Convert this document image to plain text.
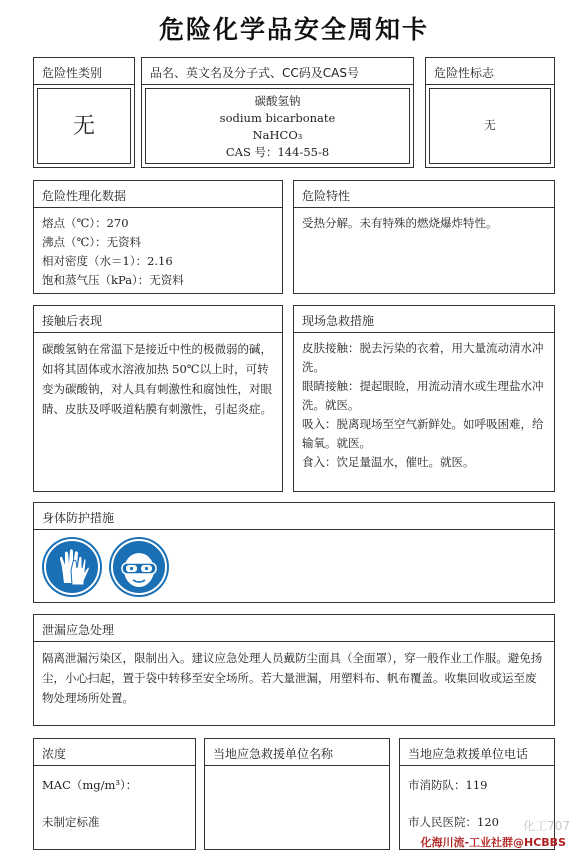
危险化学品安全周知卡
危险性类别
无
品名、英文名及分子式、CC码及CAS号
碳酸氢钠
sodium bicarbonate
NaHCO₃
CAS 号：144-55-8
危险性标志
无
危险性理化数据
熔点（℃）：270
沸点（℃）：无资料
相对密度（水＝1）：2.16
饱和蒸气压（kPa）：无资料
危险特性
受热分解。未有特殊的燃烧爆炸特性。
接触后表现
碳酸氢钠在常温下是接近中性的极微弱的碱， 如将其固体或水溶液加热 50℃以上时，可转变为碳酸钠，对人具有刺激性和腐蚀性，对眼睛、皮肤及呼吸道粘膜有刺激性，引起炎症。
现场急救措施
皮肤接触：脱去污染的衣着，用大量流动清水冲洗。
眼睛接触：提起眼睑，用流动清水或生理盐水冲洗。就医。
吸入：脱离现场至空气新鲜处。如呼吸困难，给输氧。就医。
食入：饮足量温水，催吐。就医。
身体防护措施
泄漏应急处理
隔离泄漏污染区，限制出入。建议应急处理人员戴防尘面具（全面罩），穿一般作业工作服。避免扬尘，小心扫起，置于袋中转移至安全场所。若大量泄漏，用塑料布、帆布覆盖。收集回收或运至废物处理场所处置。
浓度
MAC（mg/m³）：
未制定标准
当地应急救援单位名称	当地应急救援单位电话
市消防队：119
市人民医院：120	化工707
化海川流-工业社群@HCBBS
